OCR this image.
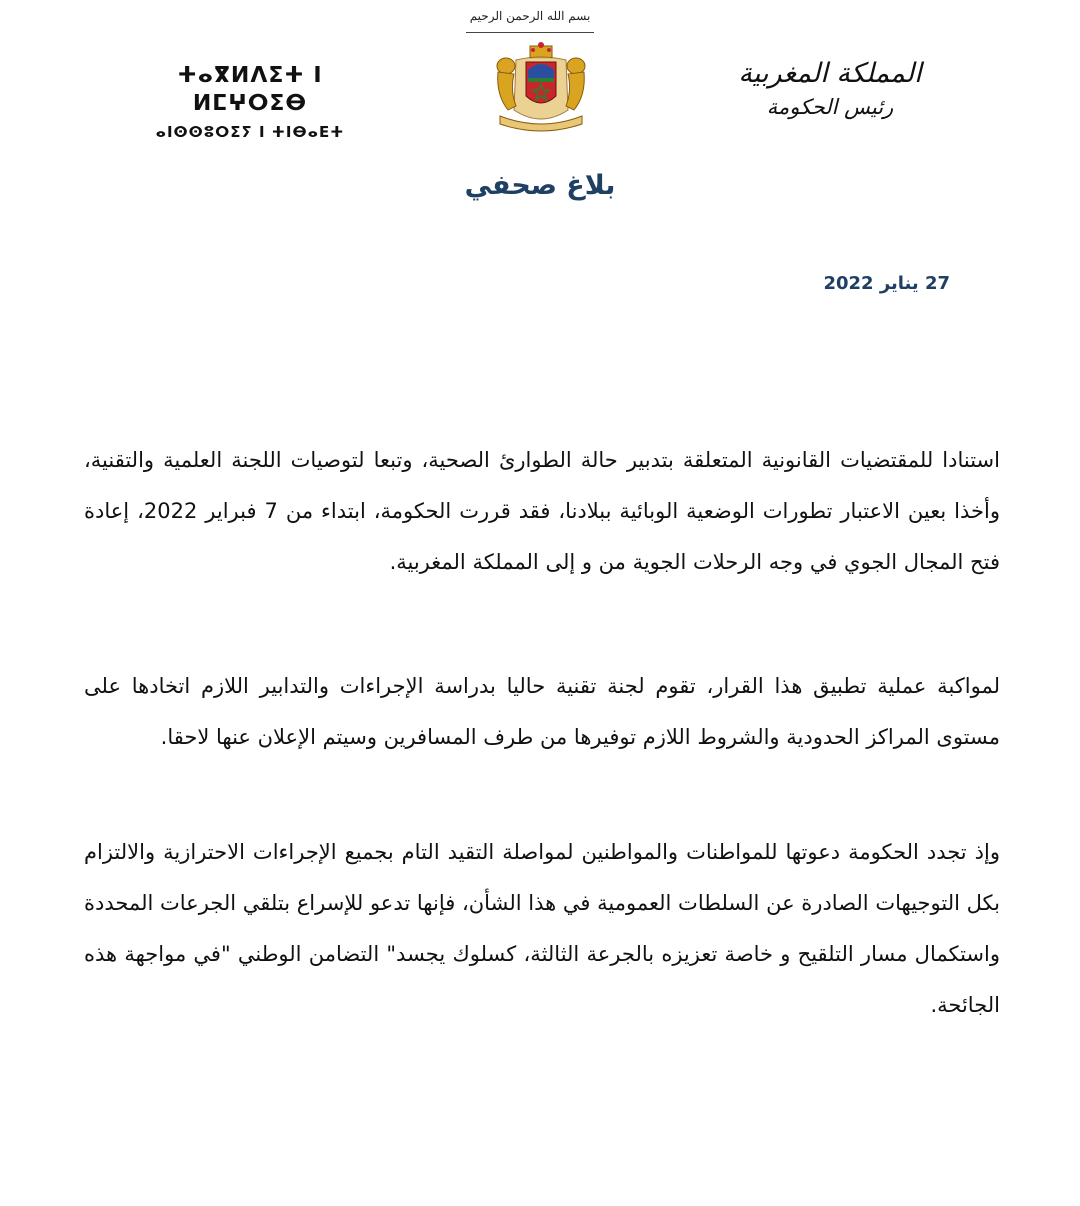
بسم الله الرحمن الرحيم
ⵜⴰⴳⵍⴷⵉⵜ ⵏ ⵍⵎⵖⵔⵉⴱ
ⴰⵏⵙⵙⵓⵔⵉⵢ ⵏ ⵜⵏⴱⴰⴹⵜ
المملكة المغربية
رئيس الحكومة
بلاغ صحفي
27 يناير 2022

استنادا للمقتضيات القانونية المتعلقة بتدبير حالة الطوارئ الصحية، وتبعا لتوصيات اللجنة العلمية والتقنية، وأخذا بعين الاعتبار تطورات الوضعية الوبائية ببلادنا، فقد قررت الحكومة، ابتداء من 7 فبراير 2022، إعادة فتح المجال الجوي في وجه الرحلات الجوية من و إلى المملكة المغربية.

لمواكبة عملية تطبيق هذا القرار، تقوم لجنة تقنية حاليا بدراسة الإجراءات والتدابير اللازم اتخادها على مستوى المراكز الحدودية والشروط اللازم توفيرها من طرف المسافرين وسيتم الإعلان عنها لاحقا.

وإذ تجدد الحكومة دعوتها للمواطنات والمواطنين لمواصلة التقيد التام بجميع الإجراءات الاحترازية والالتزام بكل التوجيهات الصادرة عن السلطات العمومية في هذا الشأن، فإنها تدعو للإسراع بتلقي الجرعات المحددة واستكمال مسار التلقيح و خاصة تعزيزه بالجرعة الثالثة، كسلوك يجسد" التضامن الوطني "في مواجهة هذه الجائحة.
